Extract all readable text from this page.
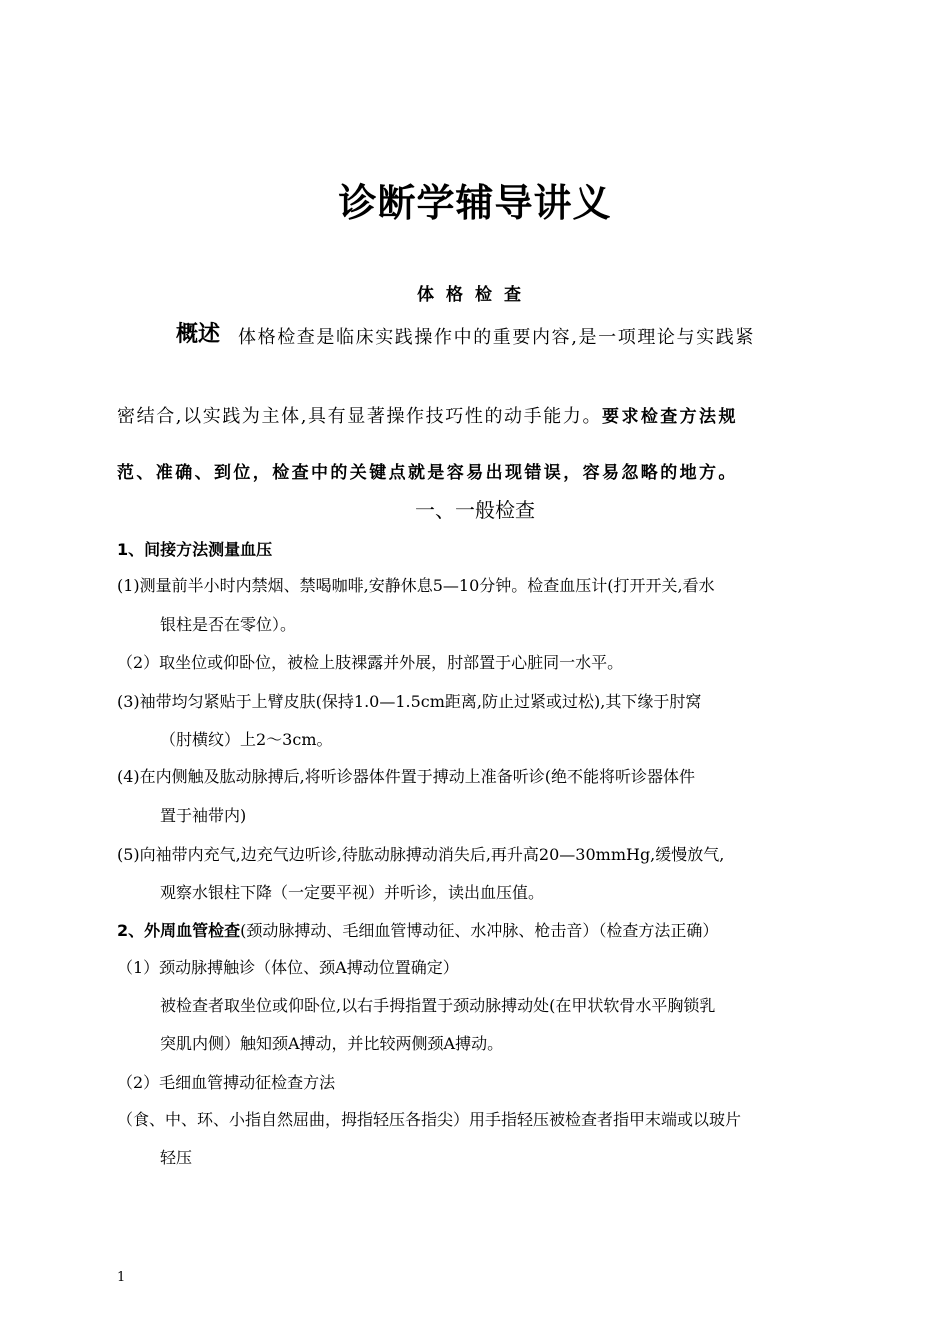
诊断学辅导讲义
体格检查
概述 体格检查是临床实践操作中的重要内容,是一项理论与实践紧
密结合,以实践为主体,具有显著操作技巧性的动手能力。要求检查方法规
范、准确、到位，检查中的关键点就是容易出现错误，容易忽略的地方。
一、一般检查
1、间接方法测量血压
(1)测量前半小时内禁烟、禁喝咖啡,安静休息5—10分钟。检查血压计(打开开关,看水
银柱是否在零位）。
（2）取坐位或仰卧位，被检上肢裸露并外展，肘部置于心脏同一水平。
(3)袖带均匀紧贴于上臂皮肤(保持1.0—1.5cm距离,防止过紧或过松),其下缘于肘窝
（肘横纹）上2～3cm。
(4)在内侧触及肱动脉搏后,将听诊器体件置于搏动上准备听诊(绝不能将听诊器体件
置于袖带内)
(5)向袖带内充气,边充气边听诊,待肱动脉搏动消失后,再升高20—30mmHg,缓慢放气,
观察水银柱下降（一定要平视）并听诊，读出血压值。
2、外周血管检查(颈动脉搏动、毛细血管博动征、水冲脉、枪击音）（检查方法正确）
（1）颈动脉搏触诊（体位、颈A搏动位置确定）
被检查者取坐位或仰卧位,以右手拇指置于颈动脉搏动处(在甲状软骨水平胸锁乳
突肌内侧）触知颈A搏动，并比较两侧颈A搏动。
（2）毛细血管搏动征检查方法
（食、中、环、小指自然屈曲，拇指轻压各指尖）用手指轻压被检查者指甲末端或以玻片
轻压
1
